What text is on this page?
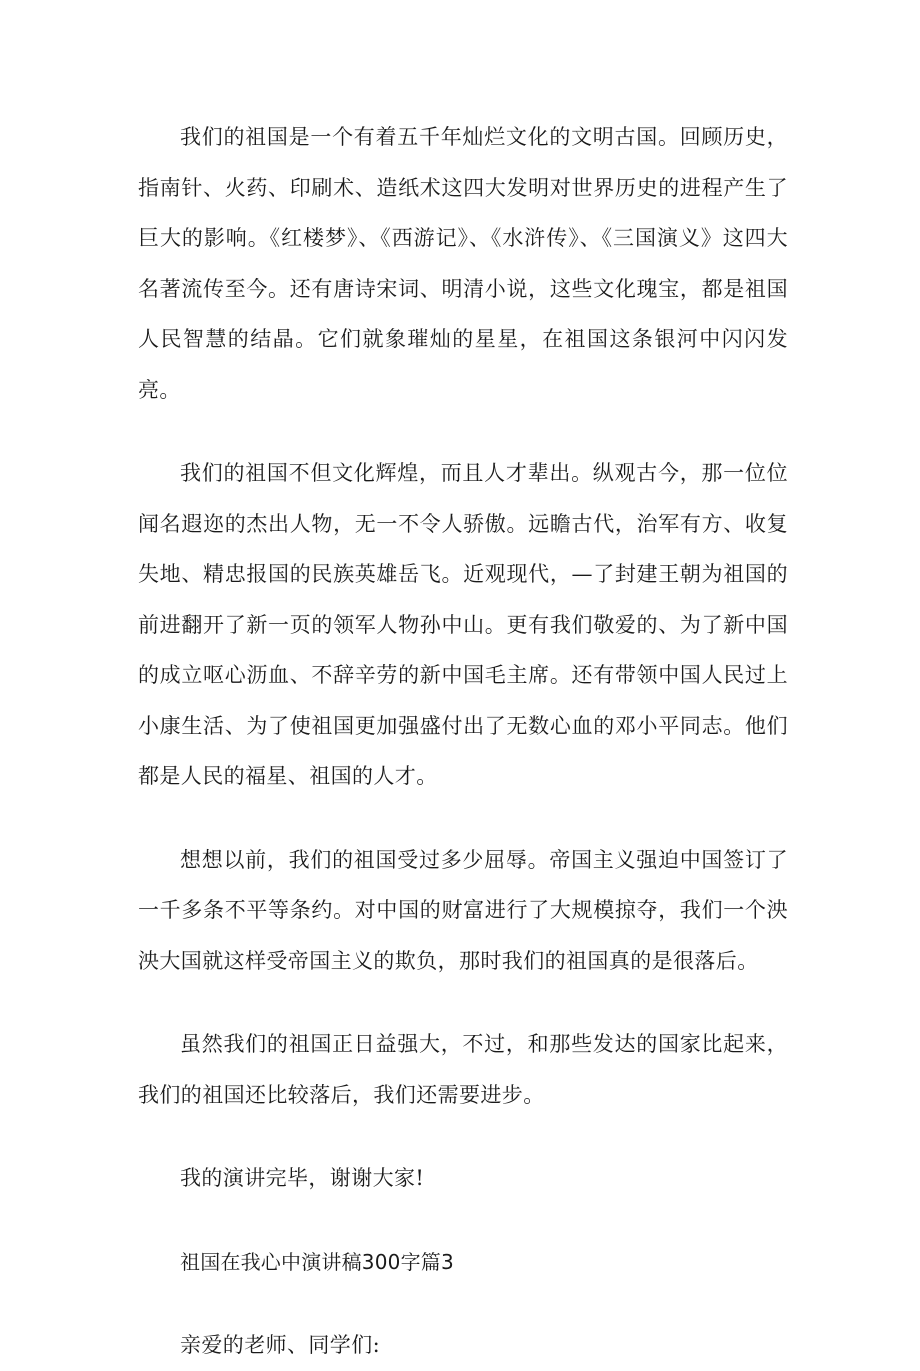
我们的祖国是一个有着五千年灿烂文化的文明古国。回顾历史，指南针、火药、印刷术、造纸术这四大发明对世界历史的进程产生了巨大的影响。《红楼梦》、《西游记》、《水浒传》、《三国演义》这四大名著流传至今。还有唐诗宋词、明清小说，这些文化瑰宝，都是祖国人民智慧的结晶。它们就象璀灿的星星，在祖国这条银河中闪闪发亮。

我们的祖国不但文化辉煌，而且人才辈出。纵观古今，那一位位闻名遐迩的杰出人物，无一不令人骄傲。远瞻古代，治军有方、收复失地、精忠报国的民族英雄岳飞。近观现代，—了封建王朝为祖国的前进翻开了新一页的领军人物孙中山。更有我们敬爱的、为了新中国的成立呕心沥血、不辞辛劳的新中国毛主席。还有带领中国人民过上小康生活、为了使祖国更加强盛付出了无数心血的邓小平同志。他们都是人民的福星、祖国的人才。

想想以前，我们的祖国受过多少屈辱。帝国主义强迫中国签订了一千多条不平等条约。对中国的财富进行了大规模掠夺，我们一个泱泱大国就这样受帝国主义的欺负，那时我们的祖国真的是很落后。

虽然我们的祖国正日益强大，不过，和那些发达的国家比起来，我们的祖国还比较落后，我们还需要进步。

我的演讲完毕，谢谢大家!

祖国在我心中演讲稿300字篇3

亲爱的老师、同学们:
